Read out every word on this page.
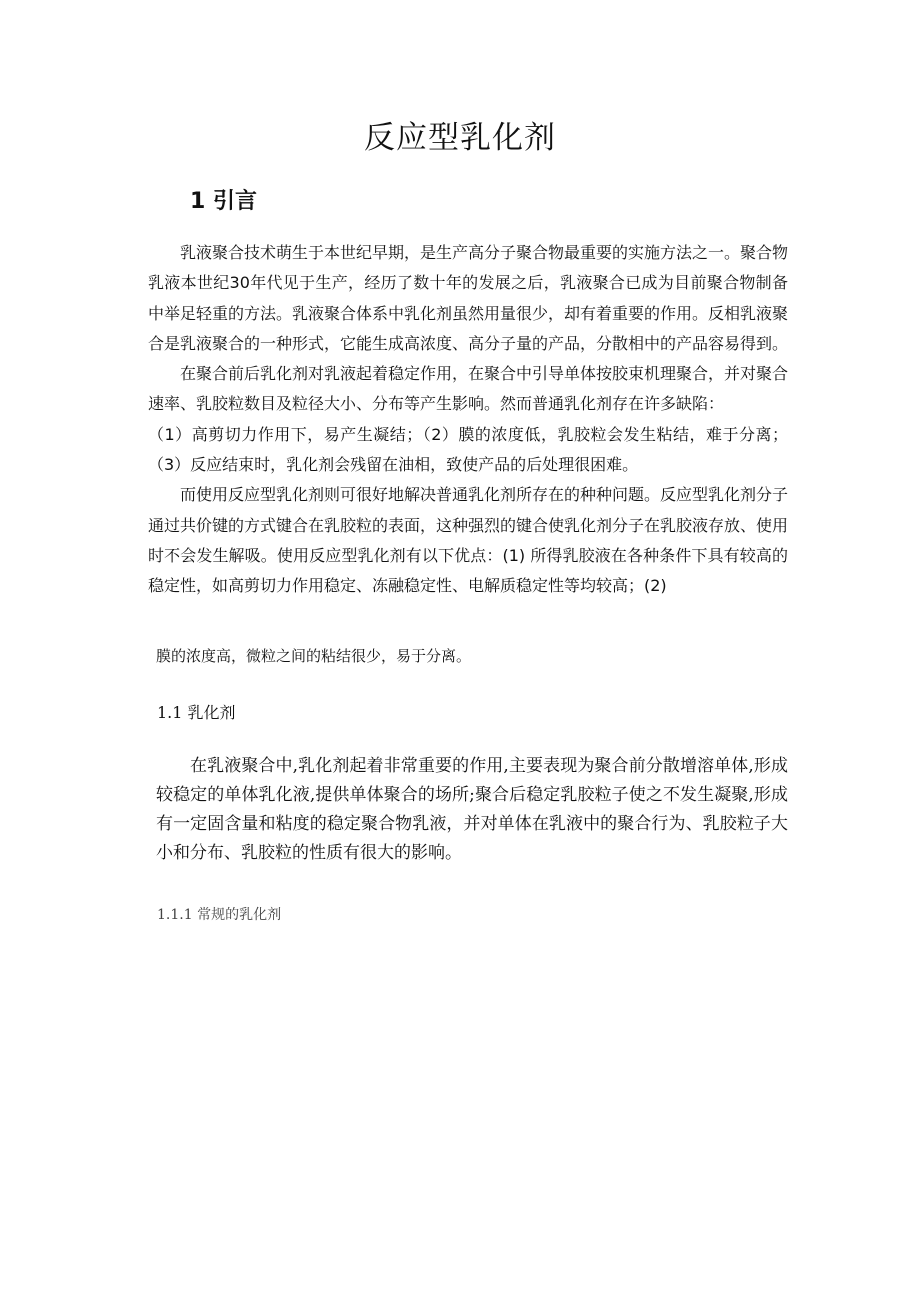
反应型乳化剂
1 引言

乳液聚合技术萌生于本世纪早期，是生产高分子聚合物最重要的实施方法之一。聚合物乳液本世纪30年代见于生产，经历了数十年的发展之后，乳液聚合已成为目前聚合物制备中举足轻重的方法。乳液聚合体系中乳化剂虽然用量很少，却有着重要的作用。反相乳液聚合是乳液聚合的一种形式，它能生成高浓度、高分子量的产品，分散相中的产品容易得到。

在聚合前后乳化剂对乳液起着稳定作用，在聚合中引导单体按胶束机理聚合，并对聚合速率、乳胶粒数目及粒径大小、分布等产生影响。然而普通乳化剂存在许多缺陷：

（1）高剪切力作用下，易产生凝结；（2）膜的浓度低，乳胶粒会发生粘结，难于分离；（3）反应结束时，乳化剂会残留在油相，致使产品的后处理很困难。

而使用反应型乳化剂则可很好地解决普通乳化剂所存在的种种问题。反应型乳化剂分子通过共价键的方式键合在乳胶粒的表面，这种强烈的键合使乳化剂分子在乳胶液存放、使用时不会发生解吸。使用反应型乳化剂有以下优点：(1) 所得乳胶液在各种条件下具有较高的稳定性，如高剪切力作用稳定、冻融稳定性、电解质稳定性等均较高；(2)

膜的浓度高，微粒之间的粘结很少，易于分离。

1.1 乳化剂

在乳液聚合中,乳化剂起着非常重要的作用,主要表现为聚合前分散增溶单体,形成较稳定的单体乳化液,提供单体聚合的场所;聚合后稳定乳胶粒子使之不发生凝聚,形成有一定固含量和粘度的稳定聚合物乳液，并对单体在乳液中的聚合行为、乳胶粒子大小和分布、乳胶粒的性质有很大的影响。

1.1.1 常规的乳化剂
